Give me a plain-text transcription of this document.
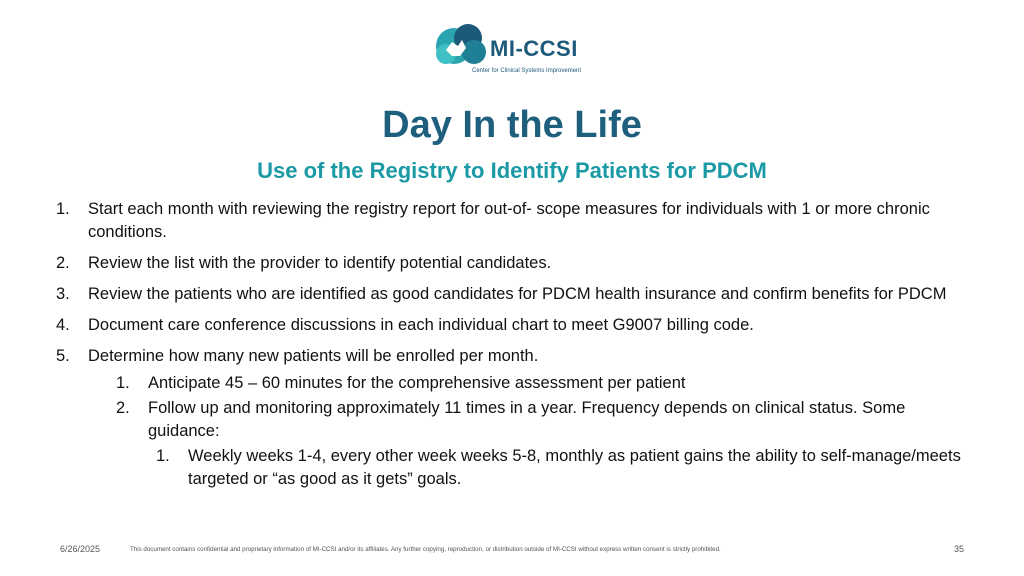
MI-CCSI
Center for Clinical Systems Improvement
Day In the Life
Use of the Registry to Identify Patients for PDCM
1. Start each month with reviewing the registry report for out-of- scope measures for individuals with 1 or more chronic conditions.
2. Review the list with the provider to identify potential candidates.
3. Review the patients who are identified as good candidates for PDCM health insurance and confirm benefits for PDCM
4. Document care conference discussions in each individual chart to meet G9007 billing code.
5. Determine how many new patients will be enrolled per month.
1. Anticipate 45 – 60 minutes for the comprehensive assessment per patient
2. Follow up and monitoring approximately 11 times in a year. Frequency depends on clinical status. Some guidance:
1. Weekly weeks 1-4, every other week weeks 5-8, monthly as patient gains the ability to self-manage/meets targeted or “as good as it gets” goals.
6/26/2025	This document contains confidential and proprietary information of MI-CCSI and/or its affiliates. Any further copying, reproduction, or distribution outside of MI-CCSI without express written consent is strictly prohibited.	35
